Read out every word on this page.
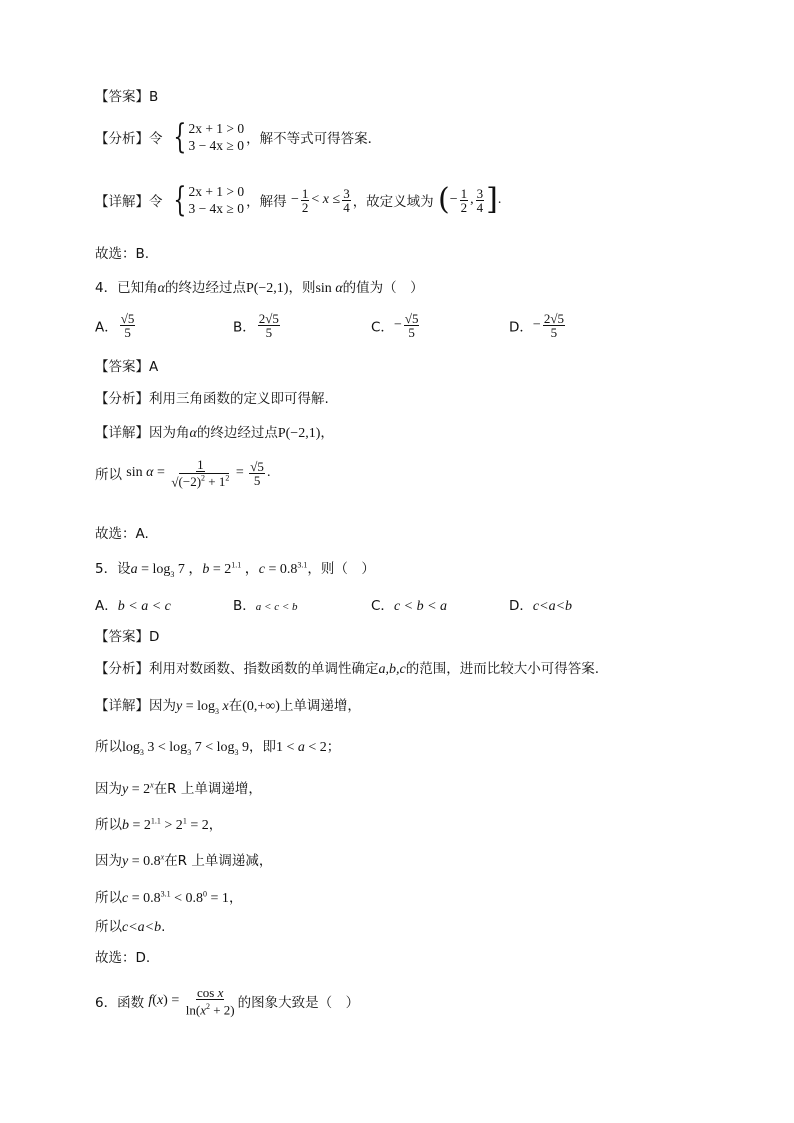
【答案】B
【分析】令 { 2x + 1 > 0
3 − 4x ≥ 0 ，解不等式可得答案．
【详解】令 { 2x + 1 > 0
3 − 4x ≥ 0 ，解得 − $\frac{1}{2} < x \le \frac{3}{4}$ ，故定义域为 (− $\frac{1}{2}$ , $\frac{3}{4}$ ].
故选：B.
4．已知角α的终边经过点P(−2,1)，则sin α的值为（　）
A． $\frac{√5}{5}$	B． $\frac{2√5}{5}$	C．− $\frac{√5}{5}$	D．− $\frac{2√5}{5}$
【答案】A
【分析】利用三角函数的定义即可得解.
【详解】因为角α的终边经过点P(−2,1)，
所以 $\sin \alpha = \frac{1}{√(-2)^2 + 1^2} = \frac{√5}{5}$ .
故选：A.
5．设$a = \log_3 7$ ，$b = 2^{1.1}$ ，$c = 0.8^{3.1}$，则（　）
A．b < a < c	B．a < c < b	C．c < b < a	D．c<a<b
【答案】D
【分析】利用对数函数、指数函数的单调性确定a,b,c的范围，进而比较大小可得答案.
【详解】因为$y = \log_3 x$在(0,+∞)上单调递增，
所以$\log_3 3 < \log_3 7 < \log_3 9$，即1 < a < 2；
因为$y = 2^x$在R 上单调递增，
所以$b = 2^{1.1} > 2^1 = 2$，
因为$y = 0.8^x$在R 上单调递减，
所以$c = 0.8^{3.1} < 0.8^0 = 1$，
所以c<a<b.
故选：D.
6．函数 $f(x) = \frac{\text{cos x}}{\ln(x^2 + 2)}$ 的图象大致是（　）
